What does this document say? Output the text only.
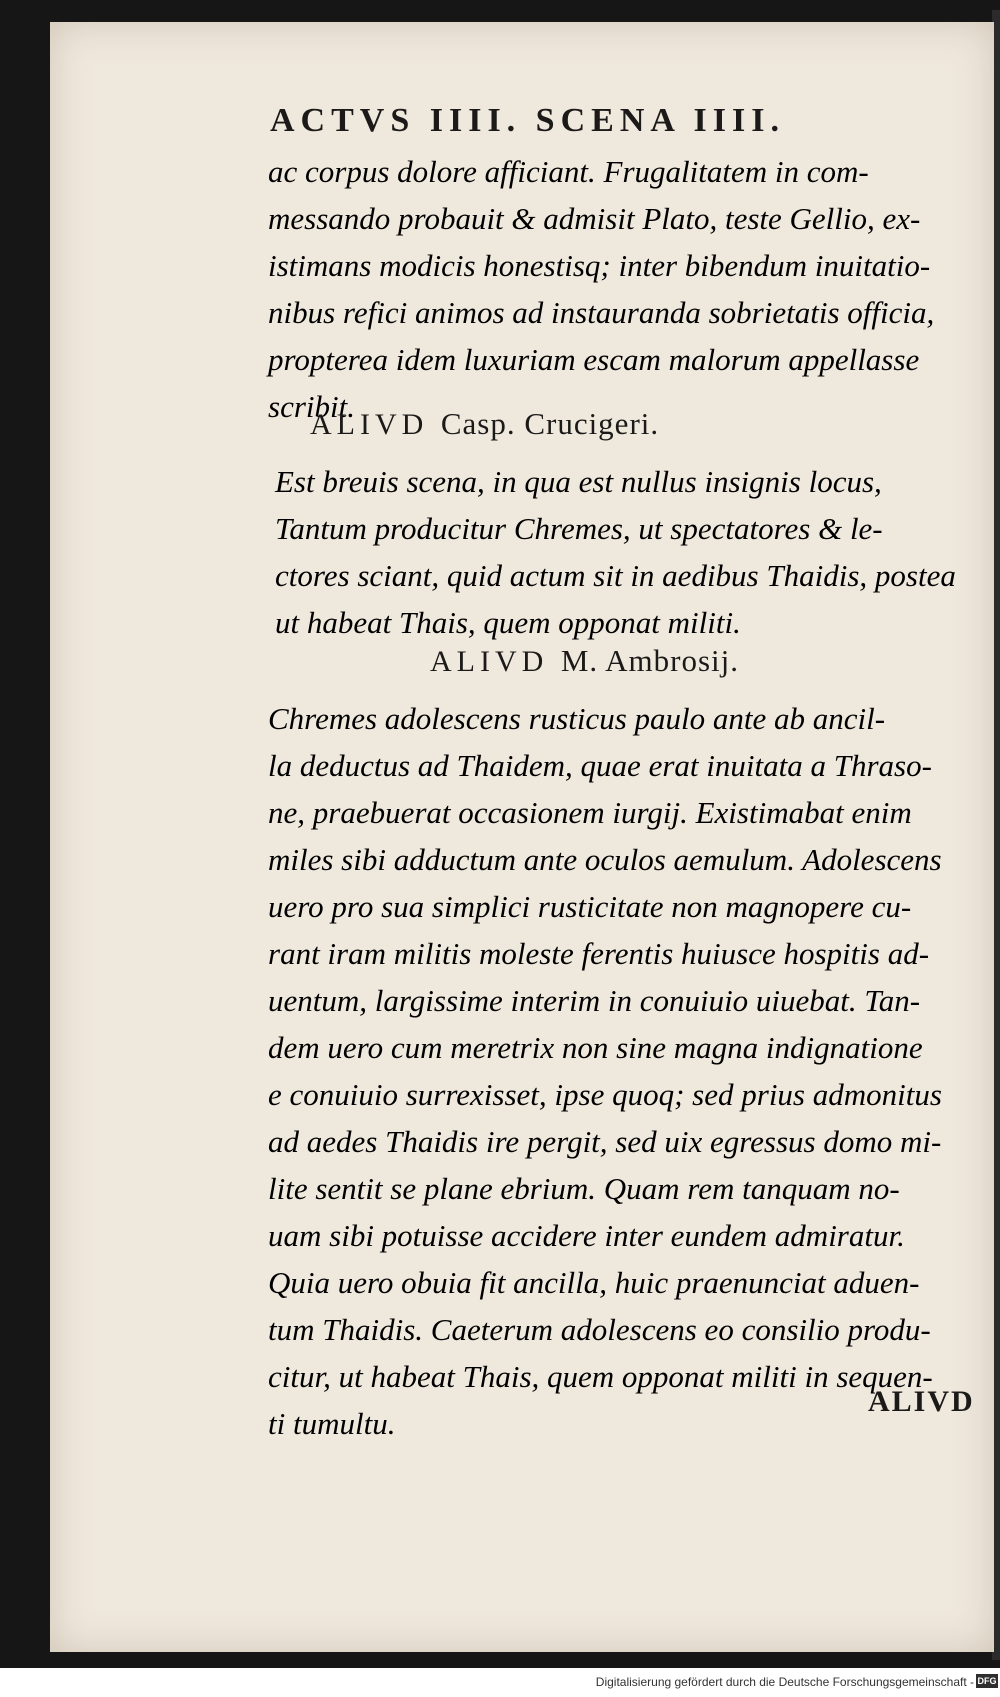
ACTVS IIII. SCENA IIII.
ac corpus dolore afficiant. Frugalitatem in com-
messando probauit & admisit Plato, teste Gellio, ex-
istimans modicis honestisq; inter bibendum inuitatio-
nibus refici animos ad instauranda sobrietatis officia,
propterea idem luxuriam escam malorum appellasse
scribit.
ALIVD Casp. Crucigeri.
Est breuis scena, in qua est nullus insignis locus,
Tantum producitur Chremes, ut spectatores & le-
ctores sciant, quid actum sit in aedibus Thaidis, postea
ut habeat Thais, quem opponat militi.
ALIVD M. Ambrosij.
Chremes adolescens rusticus paulo ante ab ancil-
la deductus ad Thaidem, quae erat inuitata a Thraso-
ne, praebuerat occasionem iurgij. Existimabat enim
miles sibi adductum ante oculos aemulum. Adolescens
uero pro sua simplici rusticitate non magnopere cu-
rant iram militis moleste ferentis huiusce hospitis ad-
uentum, largissime interim in conuiuio uiuebat. Tan-
dem uero cum meretrix non sine magna indignatione
e conuiuio surrexisset, ipse quoq; sed prius admonitus
ad aedes Thaidis ire pergit, sed uix egressus domo mi-
lite sentit se plane ebrium. Quam rem tanquam no-
uam sibi potuisse accidere inter eundem admiratur.
Quia uero obuia fit ancilla, huic praenunciat aduen-
tum Thaidis. Caeterum adolescens eo consilio produ-
citur, ut habeat Thais, quem opponat militi in sequen-
ti tumultu.
ALIVD
Digitalisierung gefördert durch die Deutsche Forschungsgemeinschaft - DFG
